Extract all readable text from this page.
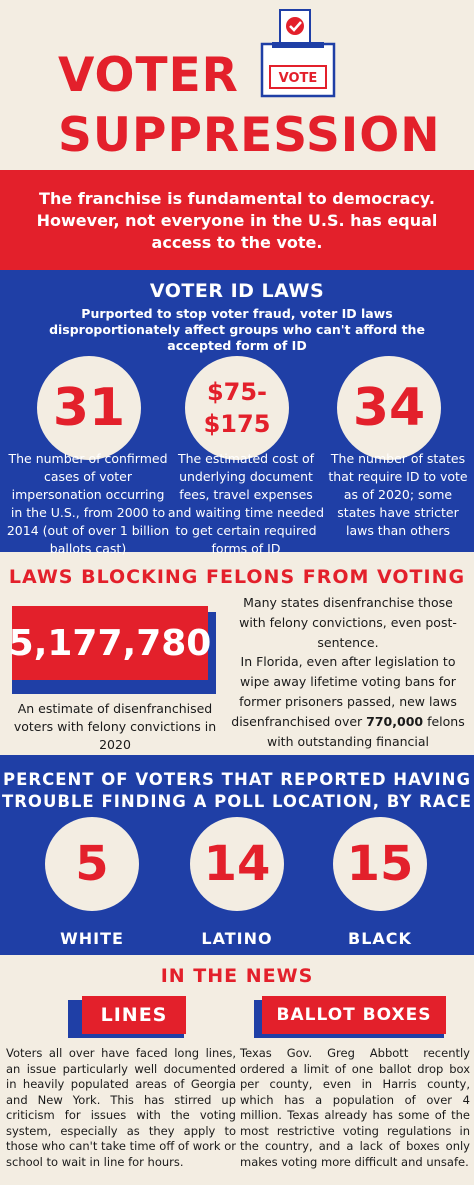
VOTER
SUPPRESSION
VOTE
The franchise is fundamental to democracy. However, not everyone in the U.S. has equal access to the vote.
VOTER ID LAWS
Purported to stop voter fraud, voter ID laws disproportionately affect groups who can't afford the accepted form of ID
31	$75-
$175 34
The number of confirmed cases of voter impersonation occurring in the U.S., from 2000 to 2014 (out of over 1 billion ballots cast)
The estimated cost of underlying document fees, travel expenses and waiting time needed to get certain required forms of ID
The number of states that require ID to vote as of 2020; some states have stricter laws than others
LAWS BLOCKING FELONS FROM VOTING
5,177,780
An estimate of disenfranchised voters with felony convictions in 2020
Many states disenfranchise those with felony convictions, even post-sentence.
In Florida, even after legislation to wipe away lifetime voting bans for former prisoners passed, new laws disenfranchised over 770,000 felons with outstanding financial
PERCENT OF VOTERS THAT REPORTED HAVING TROUBLE FINDING A POLL LOCATION, BY RACE
5 14 15
WHITE	LATINO	BLACK
IN THE NEWS
LINES	BALLOT BOXES
Voters all over have faced long lines, an issue particularly well documented in heavily populated areas of Georgia and New York. This has stirred up criticism for issues with the voting system, especially as they apply to those who can't take time off of work or school to wait in line for hours.
Texas Gov. Greg Abbott recently ordered a limit of one ballot drop box per county, even in Harris county, which has a population of over 4 million. Texas already has some of the most restrictive voting regulations in the country, and a lack of boxes only makes voting more difficult and unsafe.
